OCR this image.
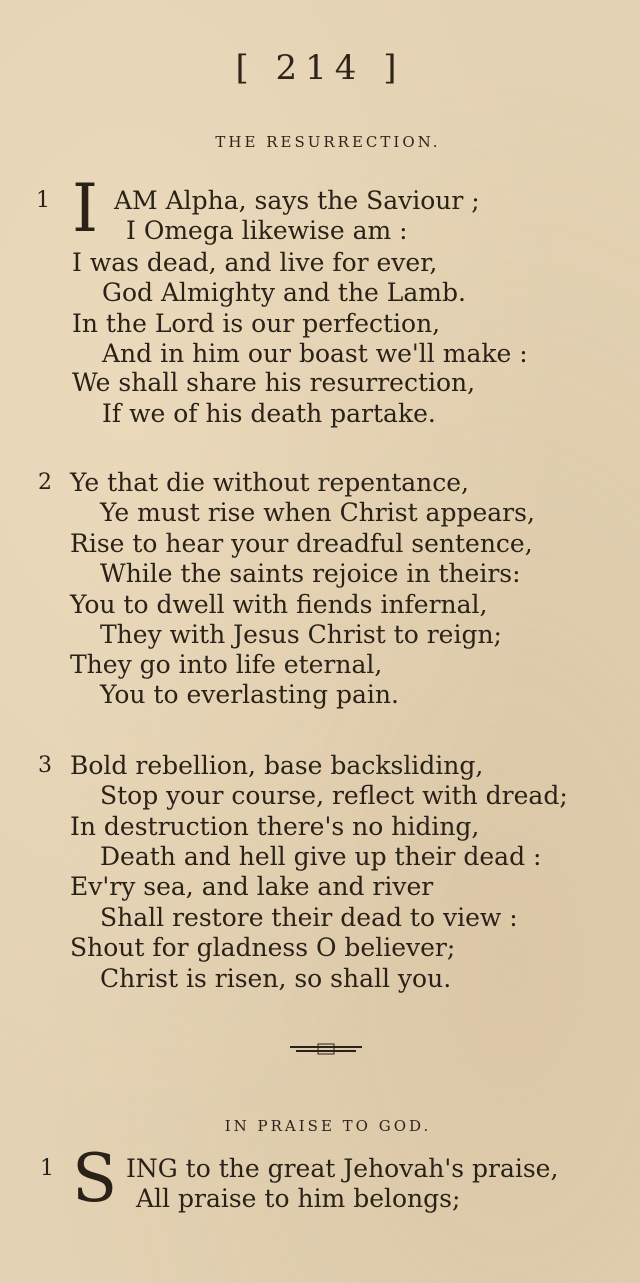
[ 214 ]
THE RESURRECTION.
1 I AM Alpha, says the Saviour ;
I Omega likewise am :
I was dead, and live for ever,
God Almighty and the Lamb.
In the Lord is our perfection,
And in him our boast we'll make :
We shall share his resurrection,
If we of his death partake.
2 Ye that die without repentance,
Ye must rise when Christ appears,
Rise to hear your dreadful sentence,
While the saints rejoice in theirs:
You to dwell with fiends infernal,
They with Jesus Christ to reign;
They go into life eternal,
You to everlasting pain.
3 Bold rebellion, base backsliding,
Stop your course, reflect with dread;
In destruction there's no hiding,
Death and hell give up their dead :
Ev'ry sea, and lake and river
Shall restore their dead to view :
Shout for gladness O believer;
Christ is risen, so shall you.
IN PRAISE TO GOD.
1 S ING to the great Jehovah's praise,
All praise to him belongs;
